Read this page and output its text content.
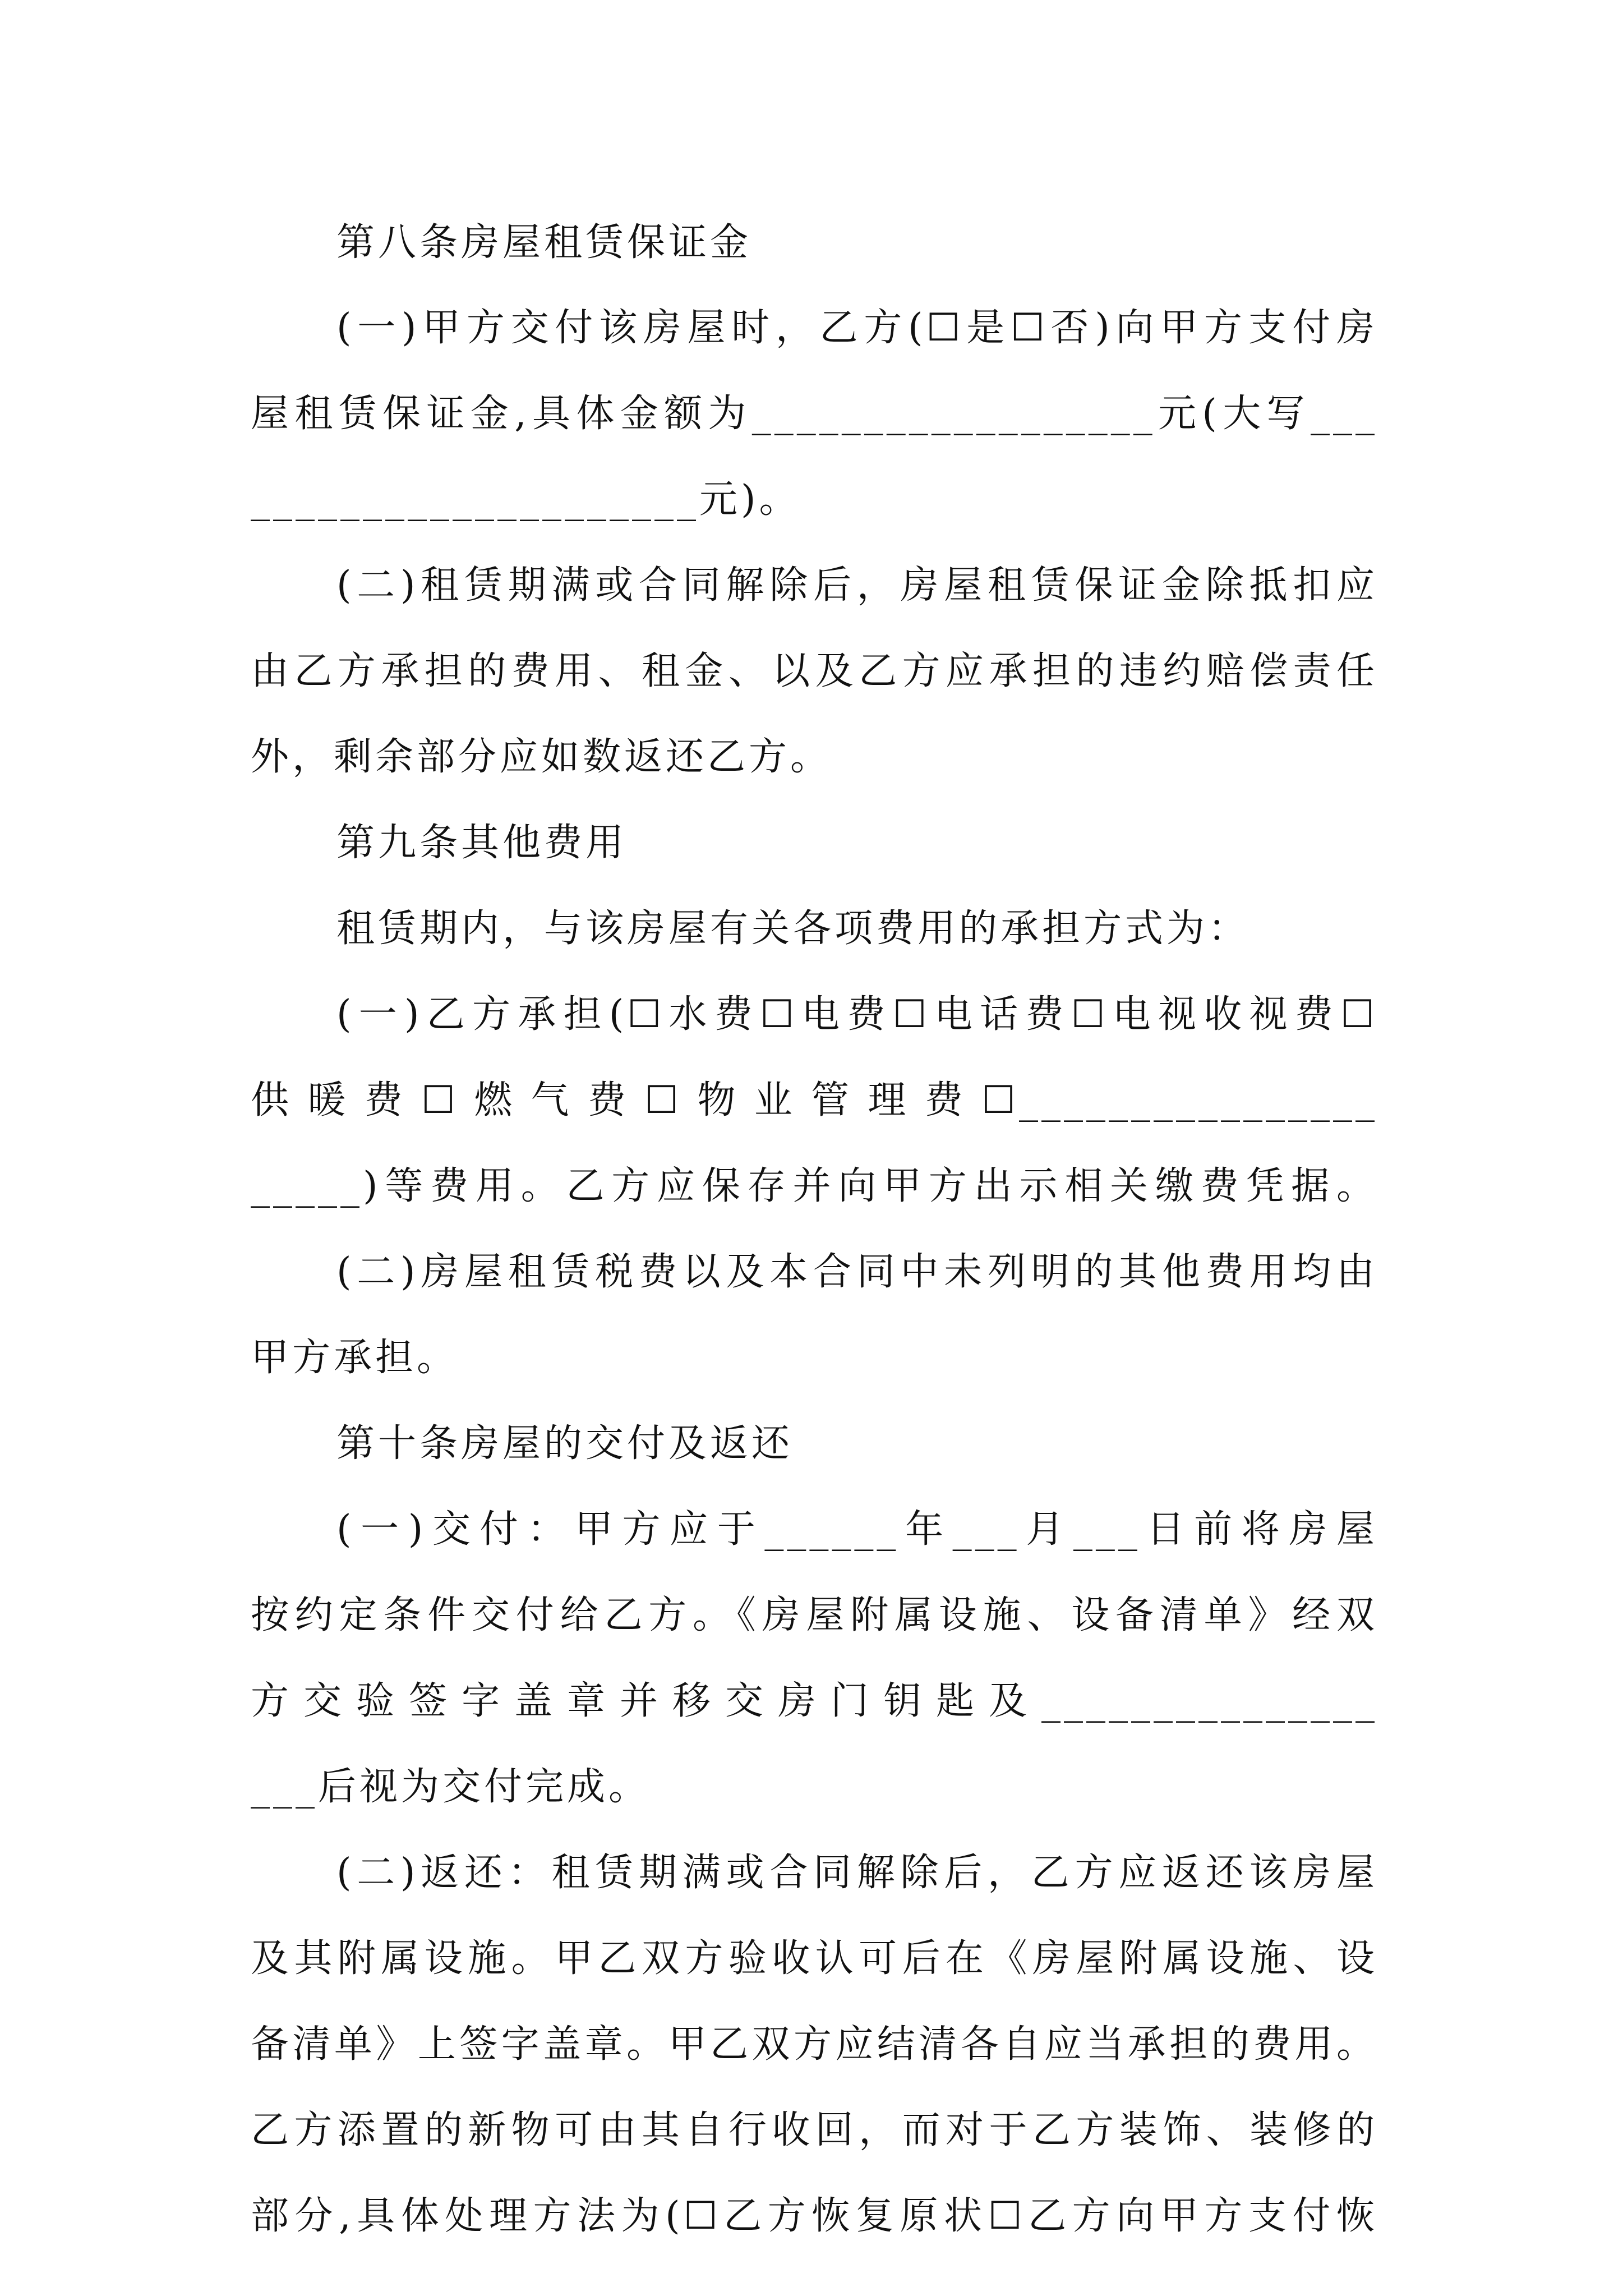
第八条房屋租赁保证金
(一)甲方交付该房屋时，乙方(☐是☐否)向甲方支付房
屋租赁保证金,具体金额为__________________元(大写___
____________________元)。
(二)租赁期满或合同解除后，房屋租赁保证金除抵扣应
由乙方承担的费用、租金、以及乙方应承担的违约赔偿责任
外，剩余部分应如数返还乙方。
第九条其他费用
租赁期内，与该房屋有关各项费用的承担方式为：
(一)乙方承担(☐水费☐电费☐电话费☐电视收视费☐
供暖费☐燃气费☐物业管理费☐________________
_____)等费用。乙方应保存并向甲方出示相关缴费凭据。
(二)房屋租赁税费以及本合同中未列明的其他费用均由
甲方承担。
第十条房屋的交付及返还
(一)交付：甲方应于______年___月___日前将房屋
按约定条件交付给乙方。《房屋附属设施、设备清单》经双
方交验签字盖章并移交房门钥匙及_______________
___后视为交付完成。
(二)返还：租赁期满或合同解除后，乙方应返还该房屋
及其附属设施。甲乙双方验收认可后在《房屋附属设施、设
备清单》上签字盖章。甲乙双方应结清各自应当承担的费用。
乙方添置的新物可由其自行收回，而对于乙方装饰、装修的
部分,具体处理方法为(☐乙方恢复原状☐乙方向甲方支付恢
